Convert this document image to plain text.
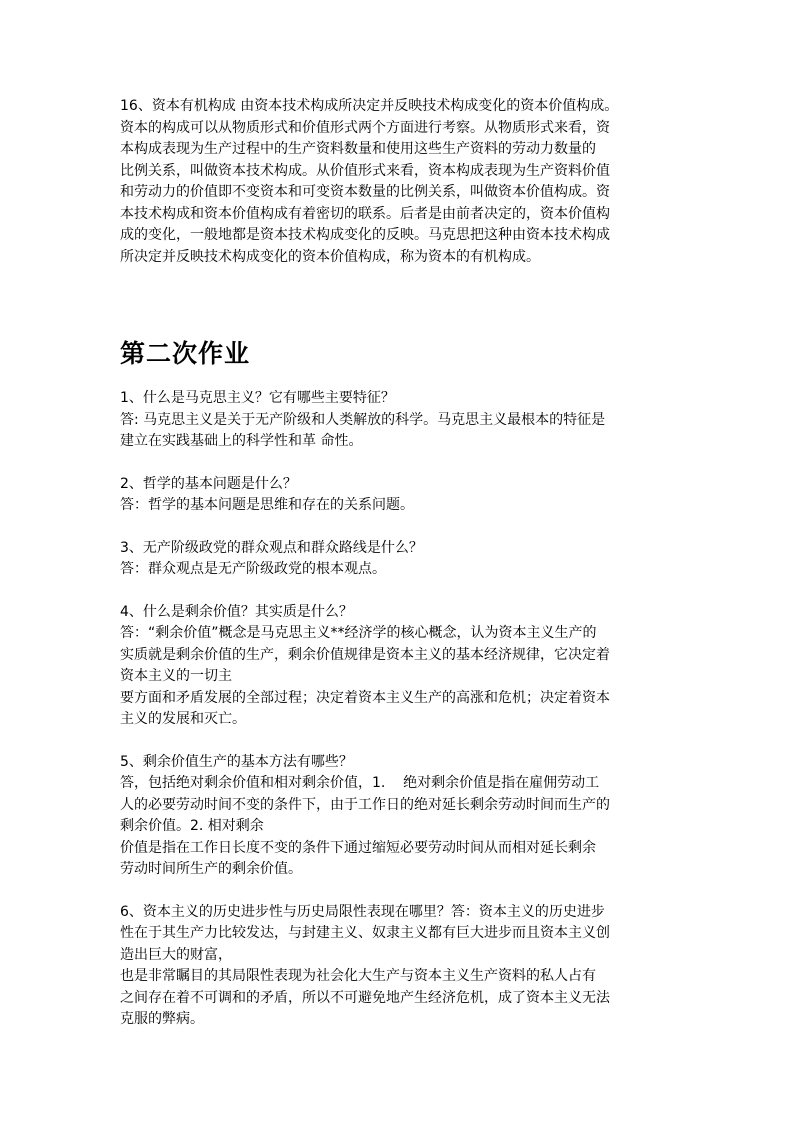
16、资本有机构成 由资本技术构成所决定并反映技术构成变化的资本价值构成。
资本的构成可以从物质形式和价值形式两个方面进行考察。从物质形式来看，资
本构成表现为生产过程中的生产资料数量和使用这些生产资料的劳动力数量的
比例关系，叫做资本技术构成。从价值形式来看，资本构成表现为生产资料价值
和劳动力的价值即不变资本和可变资本数量的比例关系，叫做资本价值构成。资
本技术构成和资本价值构成有着密切的联系。后者是由前者决定的，资本价值构
成的变化，一般地都是资本技术构成变化的反映。马克思把这种由资本技术构成
所决定并反映技术构成变化的资本价值构成，称为资本的有机构成。
第二次作业
1、什么是马克思主义？它有哪些主要特征？
答: 马克思主义是关于无产阶级和人类解放的科学。马克思主义最根本的特征是
建立在实践基础上的科学性和革 命性。
2、哲学的基本问题是什么？
答：哲学的基本问题是思维和存在的关系问题。
3、无产阶级政党的群众观点和群众路线是什么？
答：群众观点是无产阶级政党的根本观点。
4、什么是剩余价值？其实质是什么？
答：“剩余价值”概念是马克思主义**经济学的核心概念，认为资本主义生产的
实质就是剩余价值的生产，剩余价值规律是资本主义的基本经济规律，它决定着
资本主义的一切主
要方面和矛盾发展的全部过程；决定着资本主义生产的高涨和危机；决定着资本
主义的发展和灭亡。
5、剩余价值生产的基本方法有哪些？
答，包括绝对剩余价值和相对剩余价值，1.    绝对剩余价值是指在雇佣劳动工
人的必要劳动时间不变的条件下，由于工作日的绝对延长剩余劳动时间而生产的
剩余价值。2. 相对剩余
价值是指在工作日长度不变的条件下通过缩短必要劳动时间从而相对延长剩余
劳动时间所生产的剩余价值。
6、资本主义的历史进步性与历史局限性表现在哪里？答：资本主义的历史进步
性在于其生产力比较发达，与封建主义、奴隶主义都有巨大进步而且资本主义创
造出巨大的财富，
也是非常瞩目的其局限性表现为社会化大生产与资本主义生产资料的私人占有
之间存在着不可调和的矛盾，所以不可避免地产生经济危机，成了资本主义无法
克服的弊病。
